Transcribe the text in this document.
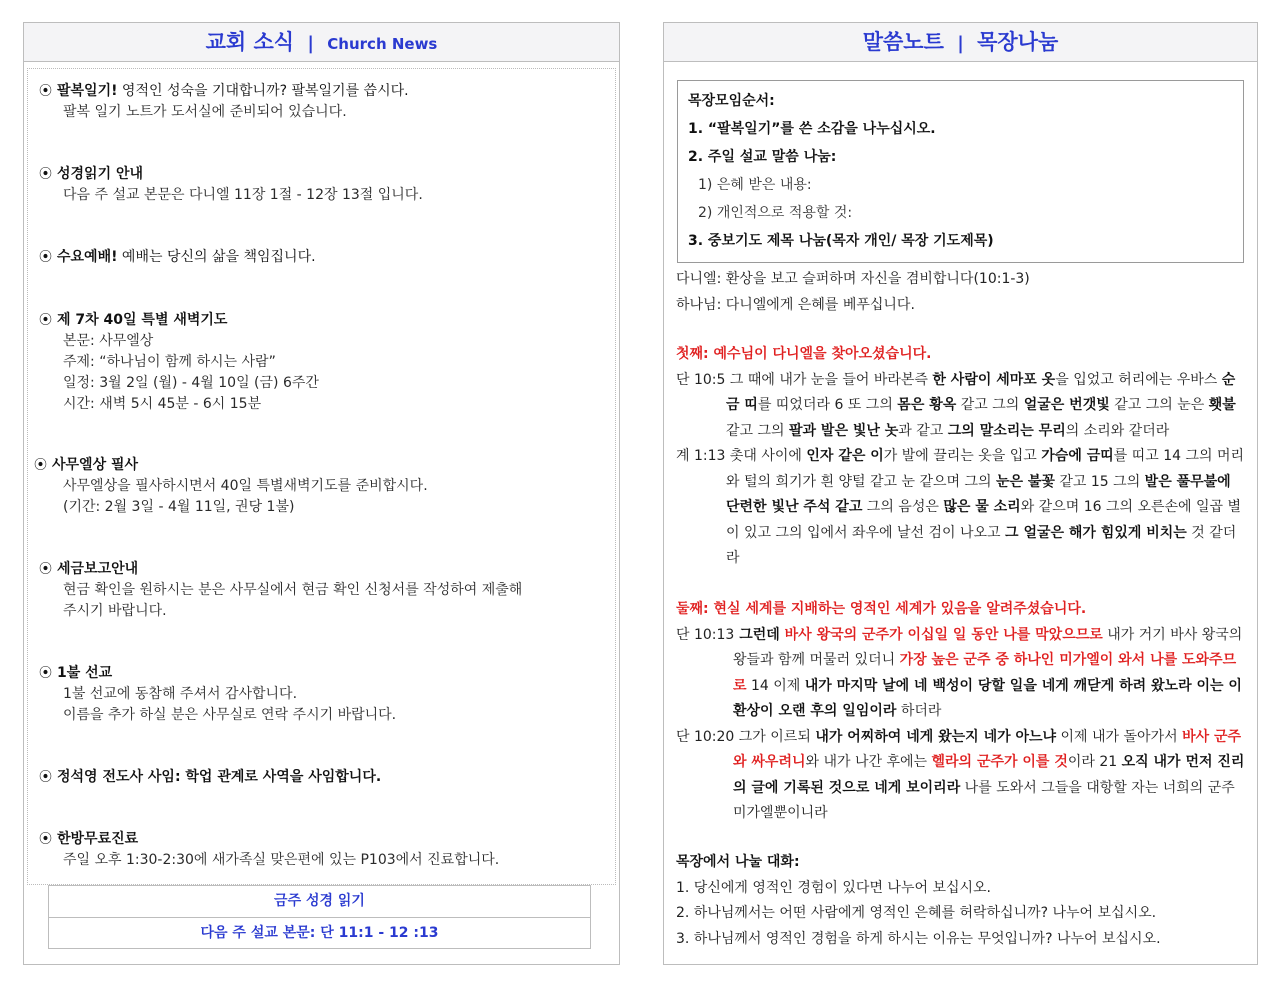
교회 소식 | Church News
⦿ 팔복일기! 영적인 성숙을 기대합니까? 팔복일기를 씁시다.
팔복 일기 노트가 도서실에 준비되어 있습니다.
⦿ 성경읽기 안내
다음 주 설교 본문은 다니엘 11장 1절 - 12장 13절 입니다.
⦿ 수요예배! 예배는 당신의 삶을 책임집니다.
⦿ 제 7차 40일 특별 새벽기도
본문: 사무엘상
주제: “하나님이 함께 하시는 사람”
일정: 3월 2일 (월) - 4월 10일 (금) 6주간
시간: 새벽 5시 45분 - 6시 15분
⦿ 사무엘상 필사
사무엘상을 필사하시면서 40일 특별새벽기도를 준비합시다.
(기간: 2월 3일 - 4월 11일, 권당 1불)
⦿ 세금보고안내
현금 확인을 원하시는 분은 사무실에서 현금 확인 신청서를 작성하여 제출해
주시기 바랍니다.
⦿ 1불 선교
1불 선교에 동참해 주셔서 감사합니다.
이름을 추가 하실 분은 사무실로 연락 주시기 바랍니다.
⦿ 정석영 전도사 사임: 학업 관계로 사역을 사임합니다.
⦿ 한방무료진료
주일 오후 1:30-2:30에 새가족실 맞은편에 있는 P103에서 진료합니다.
금주 성경 읽기
다음 주 설교 본문: 단 11:1 - 12 :13
말씀노트 | 목장나눔
목장모임순서:
1. “팔복일기”를 쓴 소감을 나누십시오.
2. 주일 설교 말씀 나눔:
1) 은혜 받은 내용:
2) 개인적으로 적용할 것:
3. 중보기도 제목 나눔(목자 개인/ 목장 기도제목)
다니엘: 환상을 보고 슬퍼하며 자신을 겸비합니다(10:1-3)
하나님: 다니엘에게 은혜를 베푸십니다.
첫째: 예수님이 다니엘을 찾아오셨습니다.
단 10:5 그 때에 내가 눈을 들어 바라본즉 한 사람이 세마포 옷을 입었고 허리에는 우바스 순금 띠를 띠었더라 6 또 그의 몸은 황옥 같고 그의 얼굴은 번갯빛 같고 그의 눈은 횃불 같고 그의 팔과 발은 빛난 놋과 같고 그의 말소리는 무리의 소리와 같더라
계 1:13 촛대 사이에 인자 같은 이가 발에 끌리는 옷을 입고 가슴에 금띠를 띠고 14 그의 머리와 털의 희기가 흰 양털 같고 눈 같으며 그의 눈은 불꽃 같고 15 그의 발은 풀무불에 단련한 빛난 주석 같고 그의 음성은 많은 물 소리와 같으며 16 그의 오른손에 일곱 별이 있고 그의 입에서 좌우에 날선 검이 나오고 그 얼굴은 해가 힘있게 비치는 것 같더라
둘째: 현실 세계를 지배하는 영적인 세계가 있음을 알려주셨습니다.
단 10:13 그런데 바사 왕국의 군주가 이십일 일 동안 나를 막았으므로 내가 거기 바사 왕국의 왕들과 함께 머물러 있더니 가장 높은 군주 중 하나인 미가엘이 와서 나를 도와주므로 14 이제 내가 마지막 날에 네 백성이 당할 일을 네게 깨닫게 하려 왔노라 이는 이 환상이 오랜 후의 일임이라 하더라
단 10:20 그가 이르되 내가 어찌하여 네게 왔는지 네가 아느냐 이제 내가 돌아가서 바사 군주와 싸우려니와 내가 나간 후에는 헬라의 군주가 이를 것이라 21 오직 내가 먼저 진리의 글에 기록된 것으로 네게 보이리라 나를 도와서 그들을 대항할 자는 너희의 군주 미가엘뿐이니라
목장에서 나눌 대화:
1. 당신에게 영적인 경험이 있다면 나누어 보십시오.
2. 하나님께서는 어떤 사람에게 영적인 은혜를 허락하십니까? 나누어 보십시오.
3. 하나님께서 영적인 경험을 하게 하시는 이유는 무엇입니까? 나누어 보십시오.
